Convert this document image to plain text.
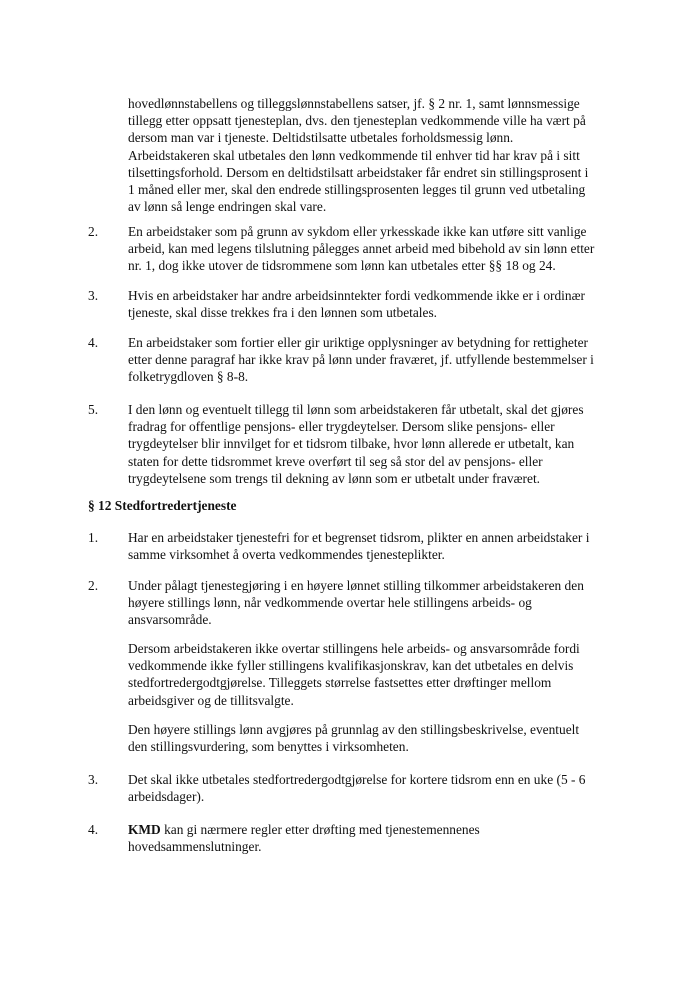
hovedlønnstabellens og tilleggslønnstabellens satser, jf. § 2 nr. 1, samt lønnsmessige
tillegg etter oppsatt tjenesteplan, dvs. den tjenesteplan vedkommende ville ha vært på
dersom man var i tjeneste. Deltidstilsatte utbetales forholdsmessig lønn.
Arbeidstakeren skal utbetales den lønn vedkommende til enhver tid har krav på i sitt
tilsettingsforhold. Dersom en deltidstilsatt arbeidstaker får endret sin stillingsprosent i
1 måned eller mer, skal den endrede stillingsprosenten legges til grunn ved utbetaling
av lønn så lenge endringen skal vare.
2. En arbeidstaker som på grunn av sykdom eller yrkesskade ikke kan utføre sitt vanlige
arbeid, kan med legens tilslutning pålegges annet arbeid med bibehold av sin lønn etter
nr. 1, dog ikke utover de tidsrommene som lønn kan utbetales etter §§ 18 og 24.
3. Hvis en arbeidstaker har andre arbeidsinntekter fordi vedkommende ikke er i ordinær
tjeneste, skal disse trekkes fra i den lønnen som utbetales.
4. En arbeidstaker som fortier eller gir uriktige opplysninger av betydning for rettigheter
etter denne paragraf har ikke krav på lønn under fraværet, jf. utfyllende bestemmelser i
folketrygdloven § 8-8.
5. I den lønn og eventuelt tillegg til lønn som arbeidstakeren får utbetalt, skal det gjøres
fradrag for offentlige pensjons- eller trygdeytelser. Dersom slike pensjons- eller
trygdeytelser blir innvilget for et tidsrom tilbake, hvor lønn allerede er utbetalt, kan
staten for dette tidsrommet kreve overført til seg så stor del av pensjons- eller
trygdeytelsene som trengs til dekning av lønn som er utbetalt under fraværet.
§ 12 Stedfortredertjeneste
1. Har en arbeidstaker tjenestefri for et begrenset tidsrom, plikter en annen arbeidstaker i
samme virksomhet å overta vedkommendes tjenesteplikter.
2. Under pålagt tjenestegjøring i en høyere lønnet stilling tilkommer arbeidstakeren den
høyere stillings lønn, når vedkommende overtar hele stillingens arbeids- og
ansvarsområde.
Dersom arbeidstakeren ikke overtar stillingens hele arbeids- og ansvarsområde fordi
vedkommende ikke fyller stillingens kvalifikasjonskrav, kan det utbetales en delvis
stedfortredergodtgjørelse. Tilleggets størrelse fastsettes etter drøftinger mellom
arbeidsgiver og de tillitsvalgte.
Den høyere stillings lønn avgjøres på grunnlag av den stillingsbeskrivelse, eventuelt
den stillingsvurdering, som benyttes i virksomheten.
3. Det skal ikke utbetales stedfortredergodtgjørelse for kortere tidsrom enn en uke (5 - 6
arbeidsdager).
4. KMD kan gi nærmere regler etter drøfting med tjenestemennenes
hovedsammenslutninger.
